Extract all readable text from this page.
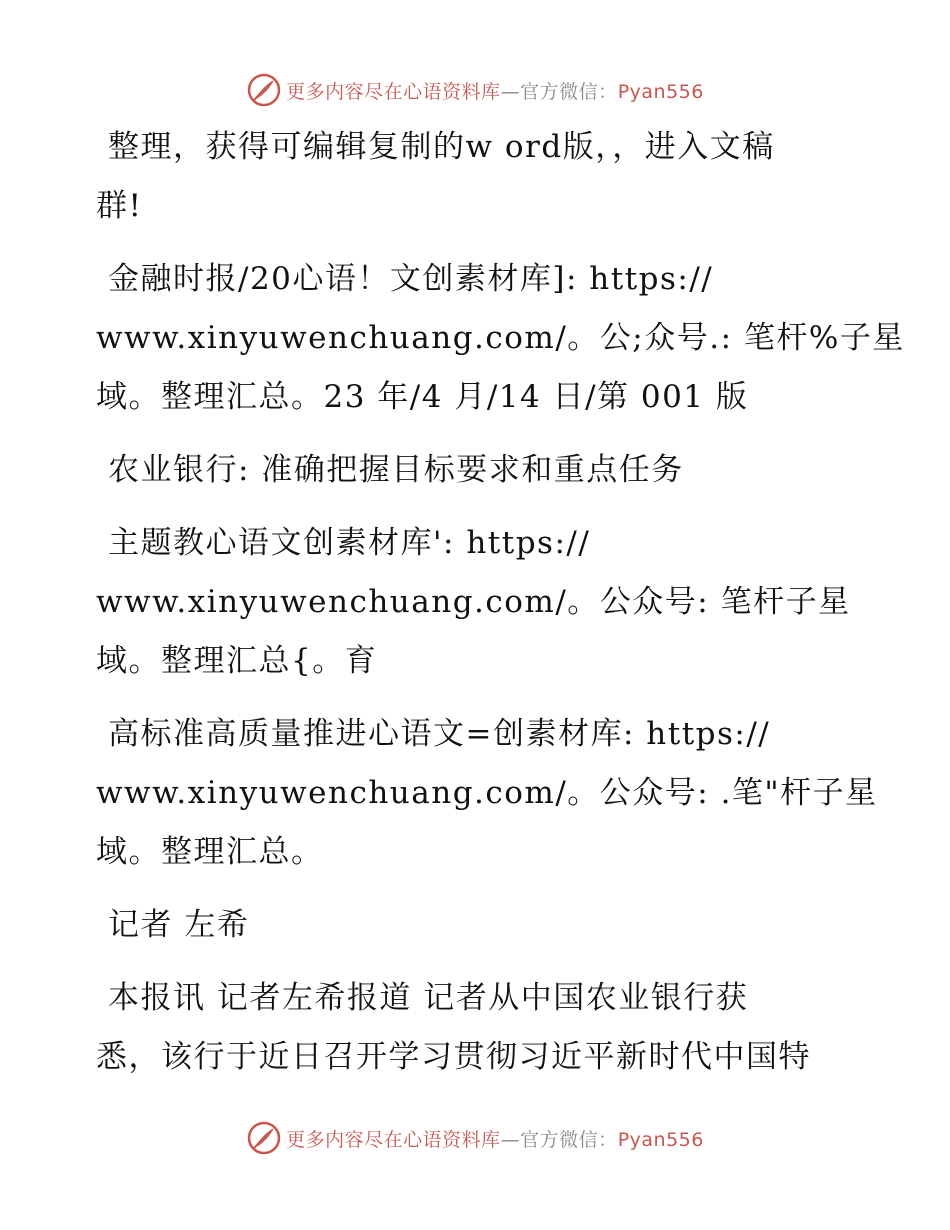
更多内容尽在心语资料库—官方微信：Pyan556

整理，获得可编辑复制的w ord版，，进入文稿
群!

金融时报/20心语！文创素材库]: https://
www.xinyuwenchuang.com/。公;众号.: 笔杆%子星
域。整理汇总。23 年/4 月/14 日/第 001 版

农业银行: 准确把握目标要求和重点任务

主题教心语文创素材库': https://
www.xinyuwenchuang.com/。公众号: 笔杆子星
域。整理汇总{。育

高标准高质量推进心语文=创素材库: https://
www.xinyuwenchuang.com/。公众号: .笔"杆子星
域。整理汇总。

记者 左希

本报讯 记者左希报道 记者从中国农业银行获
悉，该行于近日召开学习贯彻习近平新时代中国特

更多内容尽在心语资料库—官方微信：Pyan556
